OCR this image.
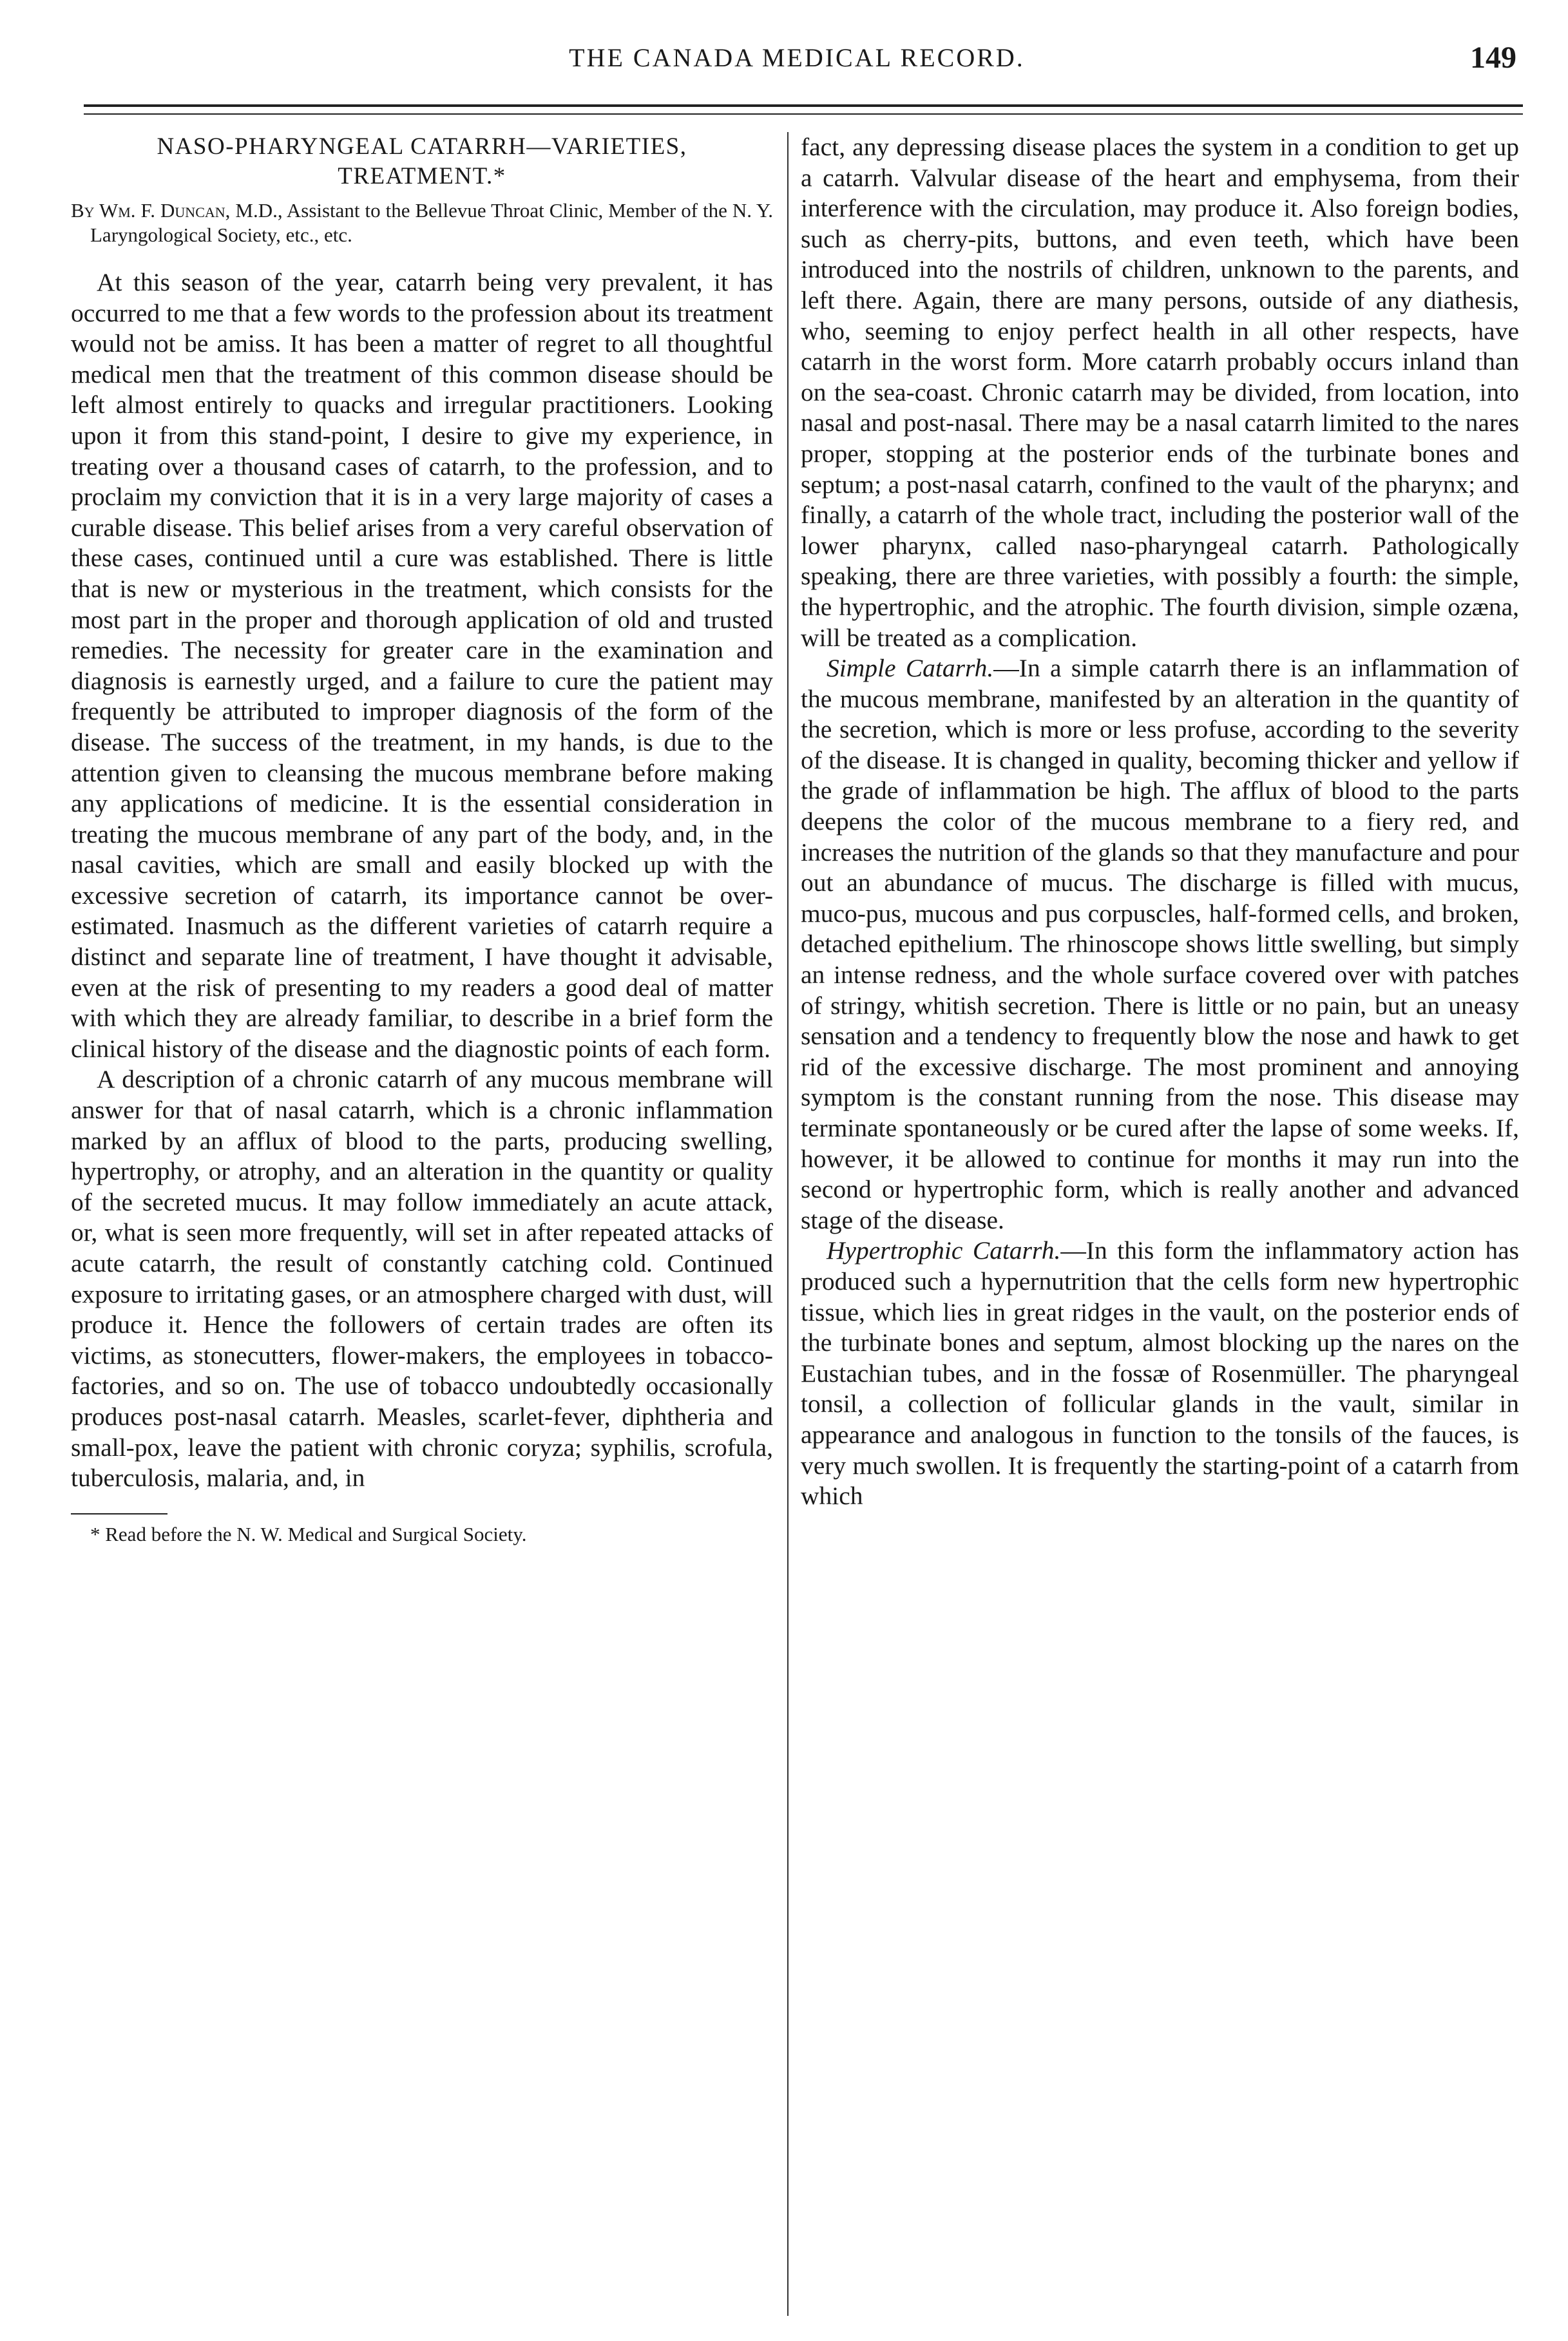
THE CANADA MEDICAL RECORD.	149
NASO-PHARYNGEAL CATARRH—VARIETIES, TREATMENT.*
By Wm. F. Duncan, M.D., Assistant to the Bellevue Throat Clinic, Member of the N. Y. Laryngological Society, etc., etc.

At this season of the year, catarrh being very prevalent, it has occurred to me that a few words to the profession about its treatment would not be amiss. It has been a matter of regret to all thoughtful medical men that the treatment of this common disease should be left almost entirely to quacks and irregular practitioners. Looking upon it from this stand-point, I desire to give my experience, in treating over a thousand cases of catarrh, to the profession, and to proclaim my conviction that it is in a very large majority of cases a curable disease. This belief arises from a very careful observation of these cases, continued until a cure was established. There is little that is new or mysterious in the treatment, which consists for the most part in the proper and thorough application of old and trusted remedies. The necessity for greater care in the examination and diagnosis is earnestly urged, and a failure to cure the patient may frequently be attributed to improper diagnosis of the form of the disease. The success of the treatment, in my hands, is due to the attention given to cleansing the mucous membrane before making any applications of medicine. It is the essential consideration in treating the mucous membrane of any part of the body, and, in the nasal cavities, which are small and easily blocked up with the excessive secretion of catarrh, its importance cannot be over-estimated. Inasmuch as the different varieties of catarrh require a distinct and separate line of treatment, I have thought it advisable, even at the risk of presenting to my readers a good deal of matter with which they are already familiar, to describe in a brief form the clinical history of the disease and the diagnostic points of each form.

A description of a chronic catarrh of any mucous membrane will answer for that of nasal catarrh, which is a chronic inflammation marked by an afflux of blood to the parts, producing swelling, hypertrophy, or atrophy, and an alteration in the quantity or quality of the secreted mucus. It may follow immediately an acute attack, or, what is seen more frequently, will set in after repeated attacks of acute catarrh, the result of constantly catching cold. Continued exposure to irritating gases, or an atmosphere charged with dust, will produce it. Hence the followers of certain trades are often its victims, as stonecutters, flower-makers, the employees in tobacco-factories, and so on. The use of tobacco undoubtedly occasionally produces post-nasal catarrh. Measles, scarlet-fever, diphtheria and small-pox, leave the patient with chronic coryza; syphilis, scrofula, tuberculosis, malaria, and, in

* Read before the N. W. Medical and Surgical Society.

fact, any depressing disease places the system in a condition to get up a catarrh. Valvular disease of the heart and emphysema, from their interference with the circulation, may produce it. Also foreign bodies, such as cherry-pits, buttons, and even teeth, which have been introduced into the nostrils of children, unknown to the parents, and left there. Again, there are many persons, outside of any diathesis, who, seeming to enjoy perfect health in all other respects, have catarrh in the worst form. More catarrh probably occurs inland than on the sea-coast. Chronic catarrh may be divided, from location, into nasal and post-nasal. There may be a nasal catarrh limited to the nares proper, stopping at the posterior ends of the turbinate bones and septum; a post-nasal catarrh, confined to the vault of the pharynx; and finally, a catarrh of the whole tract, including the posterior wall of the lower pharynx, called naso-pharyngeal catarrh. Pathologically speaking, there are three varieties, with possibly a fourth: the simple, the hypertrophic, and the atrophic. The fourth division, simple ozæna, will be treated as a complication.

Simple Catarrh.—In a simple catarrh there is an inflammation of the mucous membrane, manifested by an alteration in the quantity of the secretion, which is more or less profuse, according to the severity of the disease. It is changed in quality, becoming thicker and yellow if the grade of inflammation be high. The afflux of blood to the parts deepens the color of the mucous membrane to a fiery red, and increases the nutrition of the glands so that they manufacture and pour out an abundance of mucus. The discharge is filled with mucus, muco-pus, mucous and pus corpuscles, half-formed cells, and broken, detached epithelium. The rhinoscope shows little swelling, but simply an intense redness, and the whole surface covered over with patches of stringy, whitish secretion. There is little or no pain, but an uneasy sensation and a tendency to frequently blow the nose and hawk to get rid of the excessive discharge. The most prominent and annoying symptom is the constant running from the nose. This disease may terminate spontaneously or be cured after the lapse of some weeks. If, however, it be allowed to continue for months it may run into the second or hypertrophic form, which is really another and advanced stage of the disease.

Hypertrophic Catarrh.—In this form the inflammatory action has produced such a hypernutrition that the cells form new hypertrophic tissue, which lies in great ridges in the vault, on the posterior ends of the turbinate bones and septum, almost blocking up the nares on the Eustachian tubes, and in the fossæ of Rosenmüller. The pharyngeal tonsil, a collection of follicular glands in the vault, similar in appearance and analogous in function to the tonsils of the fauces, is very much swollen. It is frequently the starting-point of a catarrh from which
